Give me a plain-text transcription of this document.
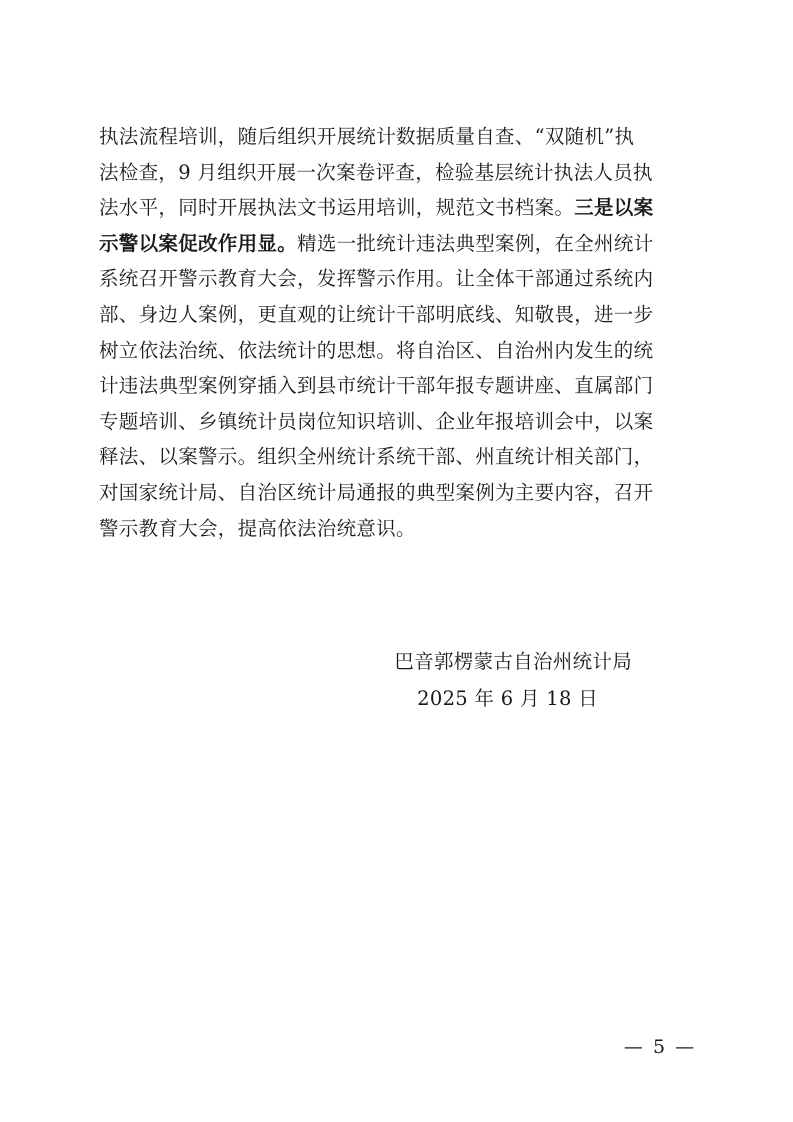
执法流程培训，随后组织开展统计数据质量自查、“双随机”执
法检查，9 月组织开展一次案卷评查，检验基层统计执法人员执
法水平，同时开展执法文书运用培训，规范文书档案。三是以案
示警以案促改作用显。精选一批统计违法典型案例，在全州统计
系统召开警示教育大会，发挥警示作用。让全体干部通过系统内
部、身边人案例，更直观的让统计干部明底线、知敬畏，进一步
树立依法治统、依法统计的思想。将自治区、自治州内发生的统
计违法典型案例穿插入到县市统计干部年报专题讲座、直属部门
专题培训、乡镇统计员岗位知识培训、企业年报培训会中，以案
释法、以案警示。组织全州统计系统干部、州直统计相关部门，
对国家统计局、自治区统计局通报的典型案例为主要内容，召开
警示教育大会，提高依法治统意识。
巴音郭楞蒙古自治州统计局
2025 年 6 月 18 日
— 5 —
